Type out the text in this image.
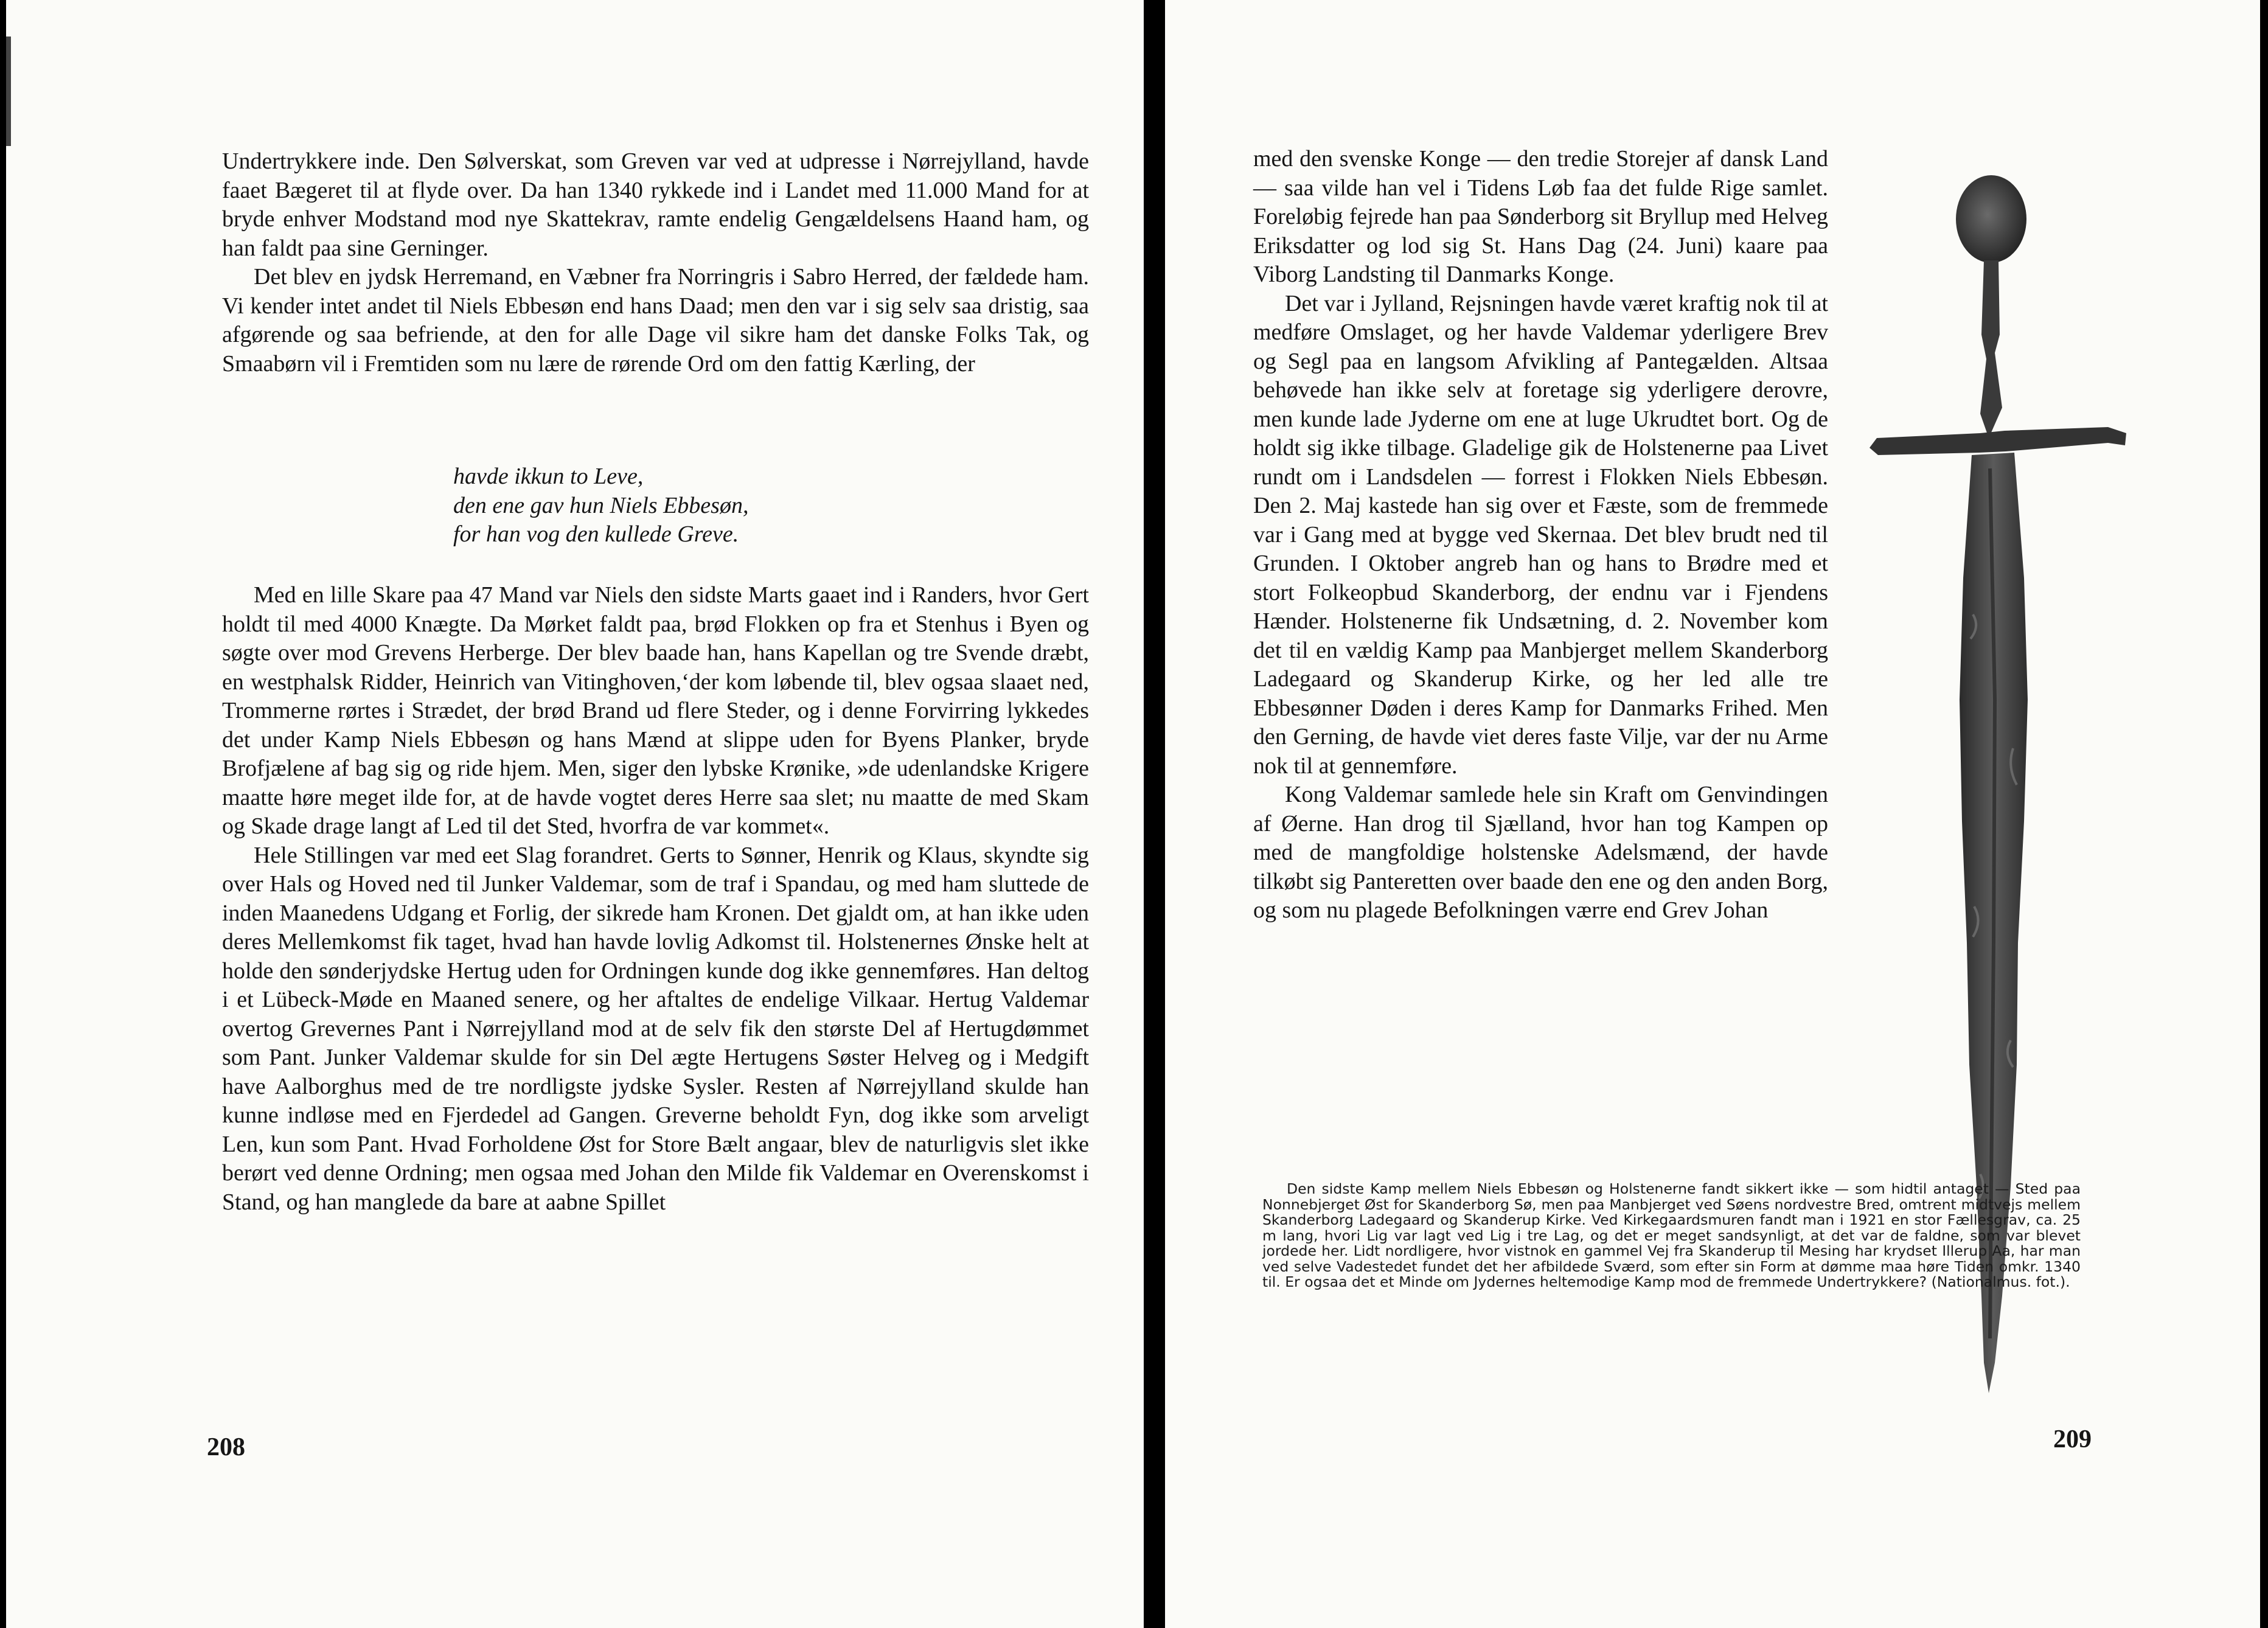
Undertrykkere inde. Den Sølverskat, som Greven var ved at udpresse i Nørrejylland, havde faaet Bægeret til at flyde over. Da han 1340 rykkede ind i Landet med 11.000 Mand for at bryde enhver Modstand mod nye Skattekrav, ramte endelig Gengældelsens Haand ham, og han faldt paa sine Gerninger.

Det blev en jydsk Herremand, en Væbner fra Norringris i Sabro Herred, der fældede ham. Vi kender intet andet til Niels Ebbesøn end hans Daad; men den var i sig selv saa dristig, saa afgørende og saa befriende, at den for alle Dage vil sikre ham det danske Folks Tak, og Smaabørn vil i Fremtiden som nu lære de rørende Ord om den fattig Kærling, der

havde ikkun to Leve,
den ene gav hun Niels Ebbesøn,
for han vog den kullede Greve.

Med en lille Skare paa 47 Mand var Niels den sidste Marts gaaet ind i Randers, hvor Gert holdt til med 4000 Knægte. Da Mørket faldt paa, brød Flokken op fra et Stenhus i Byen og søgte over mod Grevens Herberge. Der blev baade han, hans Kapellan og tre Svende dræbt, en westphalsk Ridder, Heinrich van Vitinghoven,‘der kom løbende til, blev ogsaa slaaet ned, Trommerne rørtes i Strædet, der brød Brand ud flere Steder, og i denne Forvirring lykkedes det under Kamp Niels Ebbesøn og hans Mænd at slippe uden for Byens Planker, bryde Brofjælene af bag sig og ride hjem. Men, siger den lybske Krønike, »de udenlandske Krigere maatte høre meget ilde for, at de havde vogtet deres Herre saa slet; nu maatte de med Skam og Skade drage langt af Led til det Sted, hvorfra de var kommet«.

Hele Stillingen var med eet Slag forandret. Gerts to Sønner, Henrik og Klaus, skyndte sig over Hals og Hoved ned til Junker Valdemar, som de traf i Spandau, og med ham sluttede de inden Maanedens Udgang et Forlig, der sikrede ham Kronen. Det gjaldt om, at han ikke uden deres Mellemkomst fik taget, hvad han havde lovlig Adkomst til. Holstenernes Ønske helt at holde den sønderjydske Hertug uden for Ordningen kunde dog ikke gennemføres. Han deltog i et Lübeck-Møde en Maaned senere, og her aftaltes de endelige Vilkaar. Hertug Valdemar overtog Grevernes Pant i Nørrejylland mod at de selv fik den største Del af Hertugdømmet som Pant. Junker Valdemar skulde for sin Del ægte Hertugens Søster Helveg og i Medgift have Aalborghus med de tre nordligste jydske Sysler. Resten af Nørrejylland skulde han kunne indløse med en Fjerdedel ad Gangen. Greverne beholdt Fyn, dog ikke som arveligt Len, kun som Pant. Hvad Forholdene Øst for Store Bælt angaar, blev de naturligvis slet ikke berørt ved denne Ordning; men ogsaa med Johan den Milde fik Valdemar en Overenskomst i Stand, og han manglede da bare at aabne Spillet

208

med den svenske Konge — den tredie Storejer af dansk Land — saa vilde han vel i Tidens Løb faa det fulde Rige samlet. Foreløbig fejrede han paa Sønderborg sit Bryllup med Helveg Eriksdatter og lod sig St. Hans Dag (24. Juni) kaare paa Viborg Landsting til Danmarks Konge.

Det var i Jylland, Rejsningen havde været kraftig nok til at medføre Omslaget, og her havde Valdemar yderligere Brev og Segl paa en langsom Afvikling af Pantegælden. Altsaa behøvede han ikke selv at foretage sig yderligere derovre, men kunde lade Jyderne om ene at luge Ukrudtet bort. Og de holdt sig ikke tilbage. Gladelige gik de Holstenerne paa Livet rundt om i Landsdelen — forrest i Flokken Niels Ebbesøn. Den 2. Maj kastede han sig over et Fæste, som de fremmede var i Gang med at bygge ved Skernaa. Det blev brudt ned til Grunden. I Oktober angreb han og hans to Brødre med et stort Folkeopbud Skanderborg, der endnu var i Fjendens Hænder. Holstenerne fik Undsætning, d. 2. November kom det til en vældig Kamp paa Manbjerget mellem Skanderborg Ladegaard og Skanderup Kirke, og her led alle tre Ebbesønner Døden i deres Kamp for Danmarks Frihed. Men den Gerning, de havde viet deres faste Vilje, var der nu Arme nok til at gennemføre.

Kong Valdemar samlede hele sin Kraft om Genvindingen af Øerne. Han drog til Sjælland, hvor han tog Kampen op med de mangfoldige holstenske Adelsmænd, der havde tilkøbt sig Panteretten over baade den ene og den anden Borg, og som nu plagede Befolkningen værre end Grev Johan

Den sidste Kamp mellem Niels Ebbesøn og Holstenerne fandt sikkert ikke — som hidtil antaget — Sted paa Nonnebjerget Øst for Skanderborg Sø, men paa Manbjerget ved Søens nordvestre Bred, omtrent midtvejs mellem Skanderborg Ladegaard og Skanderup Kirke. Ved Kirkegaardsmuren fandt man i 1921 en stor Fællesgrav, ca. 25 m lang, hvori Lig var lagt ved Lig i tre Lag, og det er meget sandsynligt, at det var de faldne, som var blevet jordede her. Lidt nordligere, hvor vistnok en gammel Vej fra Skanderup til Mesing har krydset Illerup Aa, har man ved selve Vadestedet fundet det her afbildede Sværd, som efter sin Form at dømme maa høre Tiden omkr. 1340 til. Er ogsaa det et Minde om Jydernes heltemodige Kamp mod de fremmede Undertrykkere? (Nationalmus. fot.).
209
